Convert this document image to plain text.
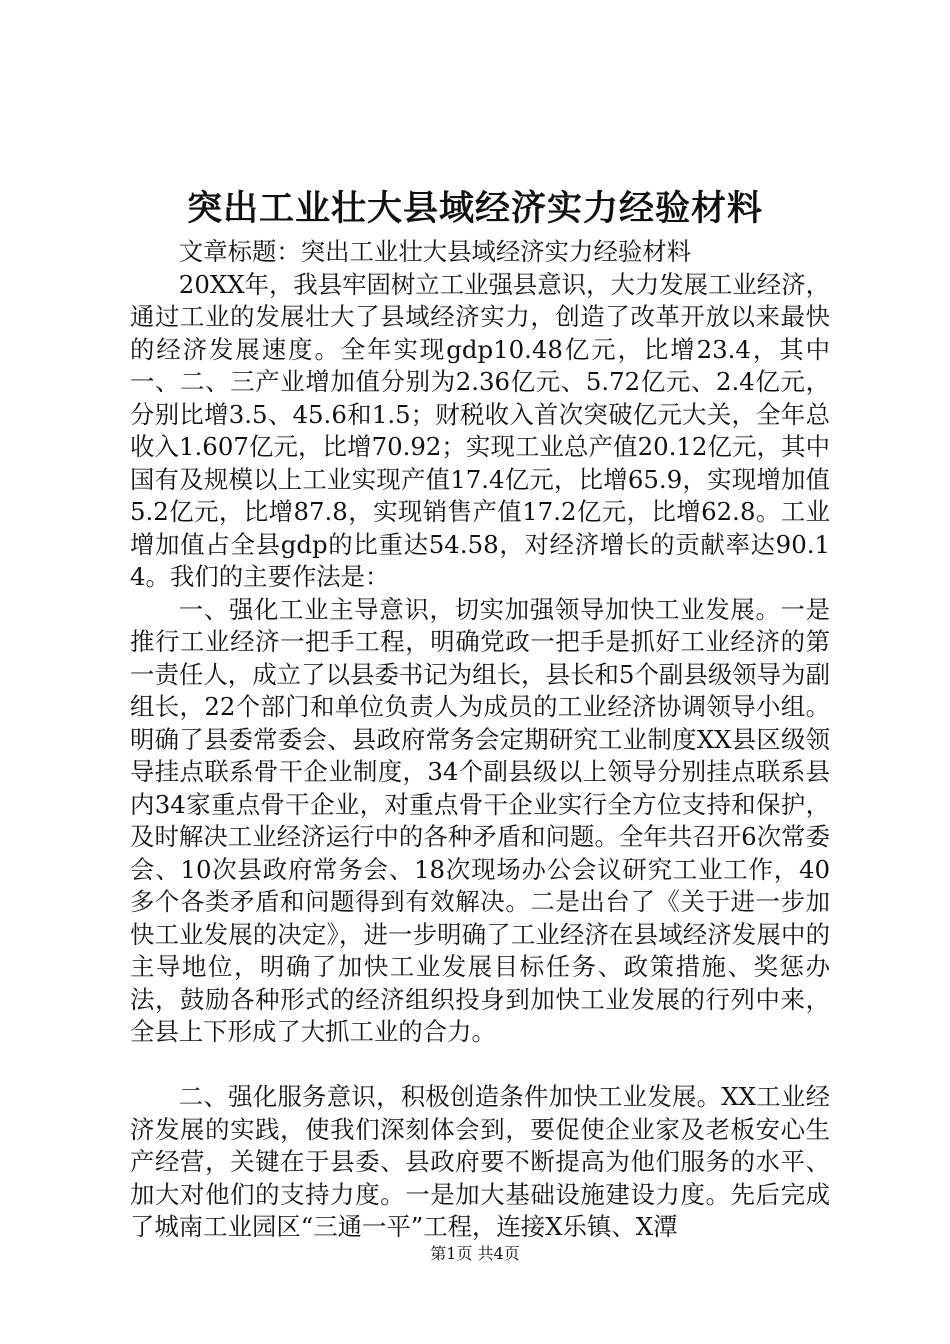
突出工业壮大县域经济实力经验材料

文章标题：突出工业壮大县域经济实力经验材料

20XX年，我县牢固树立工业强县意识，大力发展工业经济，通过工业的发展壮大了县域经济实力，创造了改革开放以来最快的经济发展速度。全年实现gdp10.48亿元，比增23.4，其中一、二、三产业增加值分别为2.36亿元、5.72亿元、2.4亿元，分别比增3.5、45.6和1.5；财税收入首次突破亿元大关，全年总收入1.607亿元，比增70.92；实现工业总产值20.12亿元，其中国有及规模以上工业实现产值17.4亿元，比增65.9，实现增加值5.2亿元，比增87.8，实现销售产值17.2亿元，比增62.8。工业增加值占全县gdp的比重达54.58，对经济增长的贡献率达90.14。我们的主要作法是：

一、强化工业主导意识，切实加强领导加快工业发展。一是推行工业经济一把手工程，明确党政一把手是抓好工业经济的第一责任人，成立了以县委书记为组长，县长和5个副县级领导为副组长，22个部门和单位负责人为成员的工业经济协调领导小组。明确了县委常委会、县政府常务会定期研究工业制度XX县区级领导挂点联系骨干企业制度，34个副县级以上领导分别挂点联系县内34家重点骨干企业，对重点骨干企业实行全方位支持和保护，及时解决工业经济运行中的各种矛盾和问题。全年共召开6次常委会、10次县政府常务会、18次现场办公会议研究工业工作，40多个各类矛盾和问题得到有效解决。二是出台了《关于进一步加快工业发展的决定》，进一步明确了工业经济在县域经济发展中的主导地位，明确了加快工业发展目标任务、政策措施、奖惩办法，鼓励各种形式的经济组织投身到加快工业发展的行列中来，全县上下形成了大抓工业的合力。

二、强化服务意识，积极创造条件加快工业发展。XX工业经济发展的实践，使我们深刻体会到，要促使企业家及老板安心生产经营，关键在于县委、县政府要不断提高为他们服务的水平、加大对他们的支持力度。一是加大基础设施建设力度。先后完成了城南工业园区“三通一平”工程，连接X乐镇、X潭

第1页 共4页
